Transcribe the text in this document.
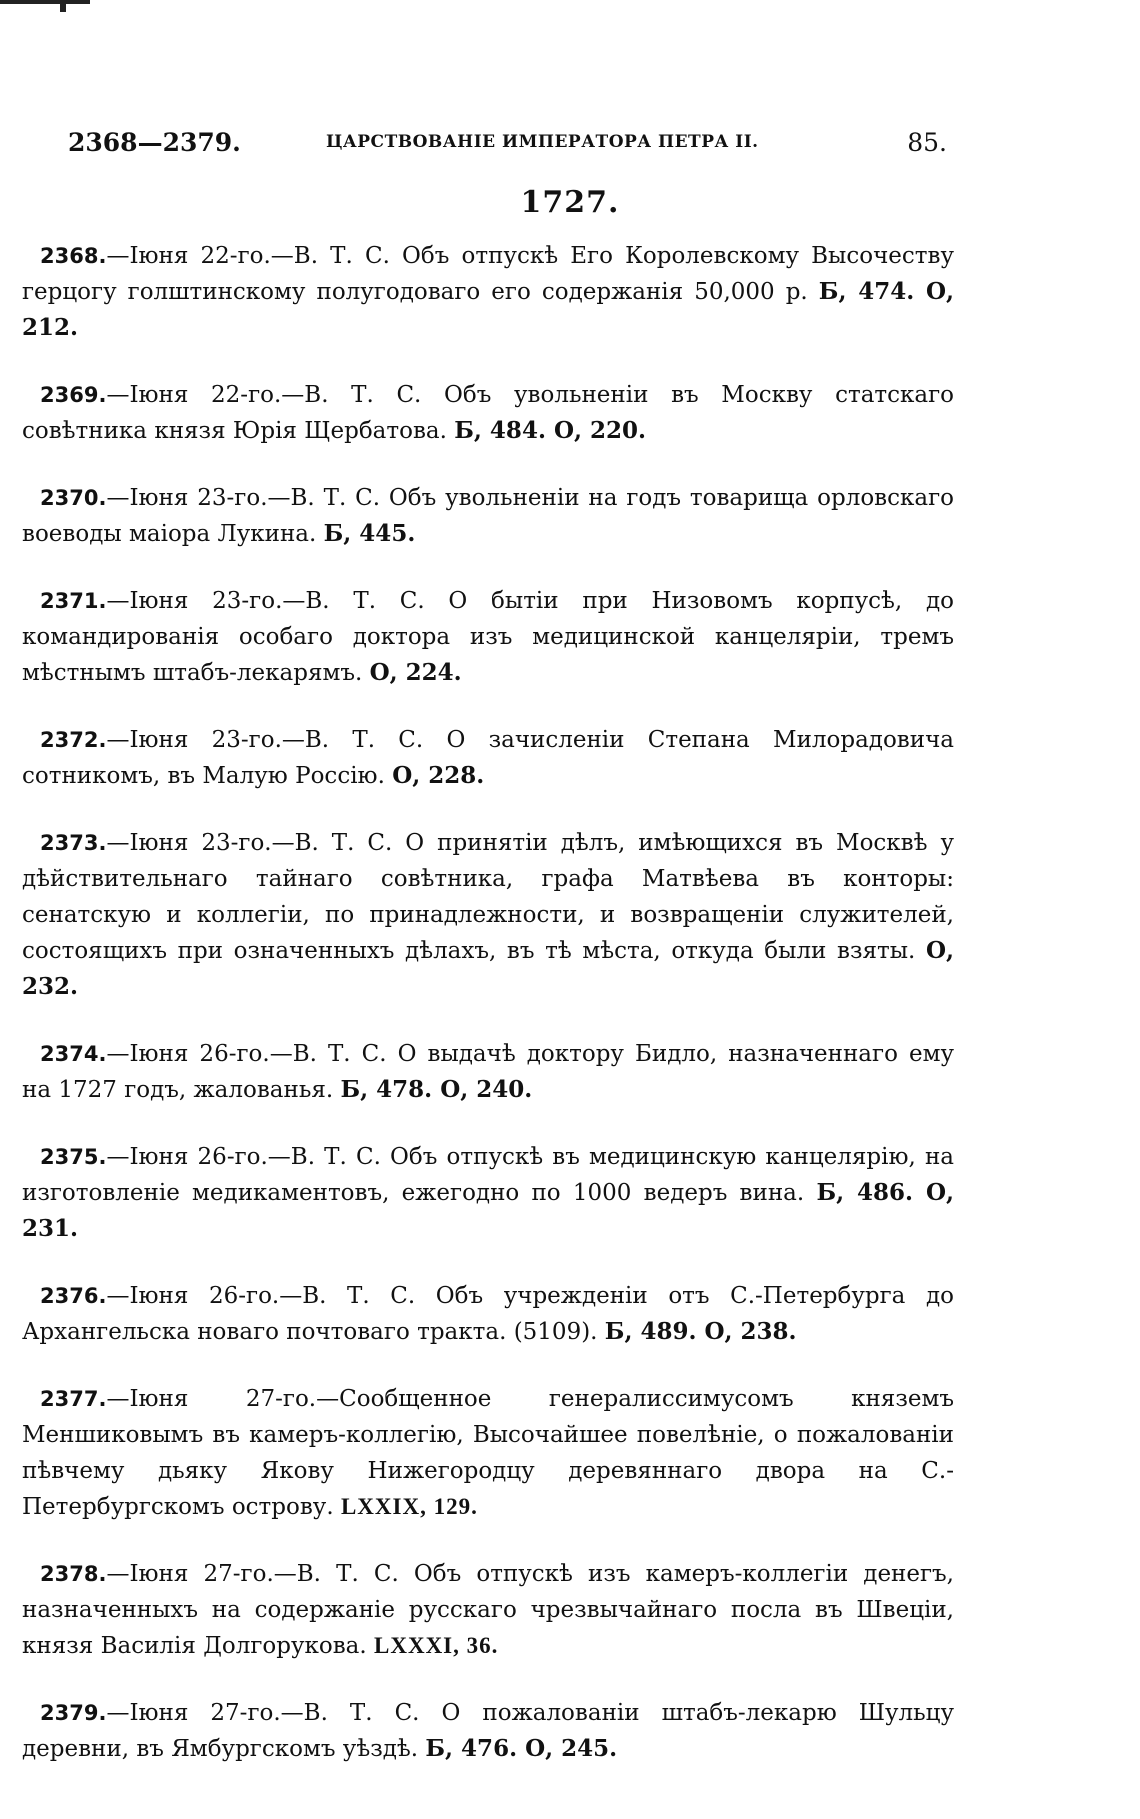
2368—2379.	ЦАРСТВОВАНІЕ ИМПЕРАТОРА ПЕТРА II.	85.
1727.

2368.—Іюня 22-го.—В. Т. С. Объ отпускѣ Его Королевскому Высочеству герцогу голштинскому полугодоваго его содержанія 50,000 р. Б, 474. О, 212.

2369.—Іюня 22-го.—В. Т. С. Объ увольненіи въ Москву статскаго совѣтника князя Юрія Щербатова. Б, 484. О, 220.

2370.—Іюня 23-го.—В. Т. С. Объ увольненіи на годъ товарища орловскаго воеводы маіора Лукина. Б, 445.

2371.—Іюня 23-го.—В. Т. С. О бытіи при Низовомъ корпусѣ, до командированія особаго доктора изъ медицинской канцеляріи, тремъ мѣстнымъ штабъ-лекарямъ. О, 224.

2372.—Іюня 23-го.—В. Т. С. О зачисленіи Степана Милорадовича сотникомъ, въ Малую Россію. О, 228.

2373.—Іюня 23-го.—В. Т. С. О принятіи дѣлъ, имѣющихся въ Москвѣ у дѣйствительнаго тайнаго совѣтника, графа Матвѣева въ конторы: сенатскую и коллегіи, по принадлежности, и возвращеніи служителей, состоящихъ при означенныхъ дѣлахъ, въ тѣ мѣста, откуда были взяты. О, 232.

2374.—Іюня 26-го.—В. Т. С. О выдачѣ доктору Бидло, назначеннаго ему на 1727 годъ, жалованья. Б, 478. О, 240.

2375.—Іюня 26-го.—В. Т. С. Объ отпускѣ въ медицинскую канцелярію, на изготовленіе медикаментовъ, ежегодно по 1000 ведеръ вина. Б, 486. О, 231.

2376.—Іюня 26-го.—В. Т. С. Объ учрежденіи отъ С.-Петербурга до Архангельска новаго почтоваго тракта. (5109). Б, 489. О, 238.

2377.—Іюня 27-го.—Сообщенное генералиссимусомъ княземъ Меншиковымъ въ камеръ-коллегію, Высочайшее повелѣніе, о пожалованіи пѣвчему дьяку Якову Нижегородцу деревяннаго двора на С.-Петербургскомъ острову. LXXIX, 129.

2378.—Іюня 27-го.—В. Т. С. Объ отпускѣ изъ камеръ-коллегіи денегъ, назначенныхъ на содержаніе русскаго чрезвычайнаго посла въ Швеціи, князя Василія Долгорукова. LXXXI, 36.

2379.—Іюня 27-го.—В. Т. С. О пожалованіи штабъ-лекарю Шульцу деревни, въ Ямбургскомъ уѣздѣ. Б, 476. О, 245.
